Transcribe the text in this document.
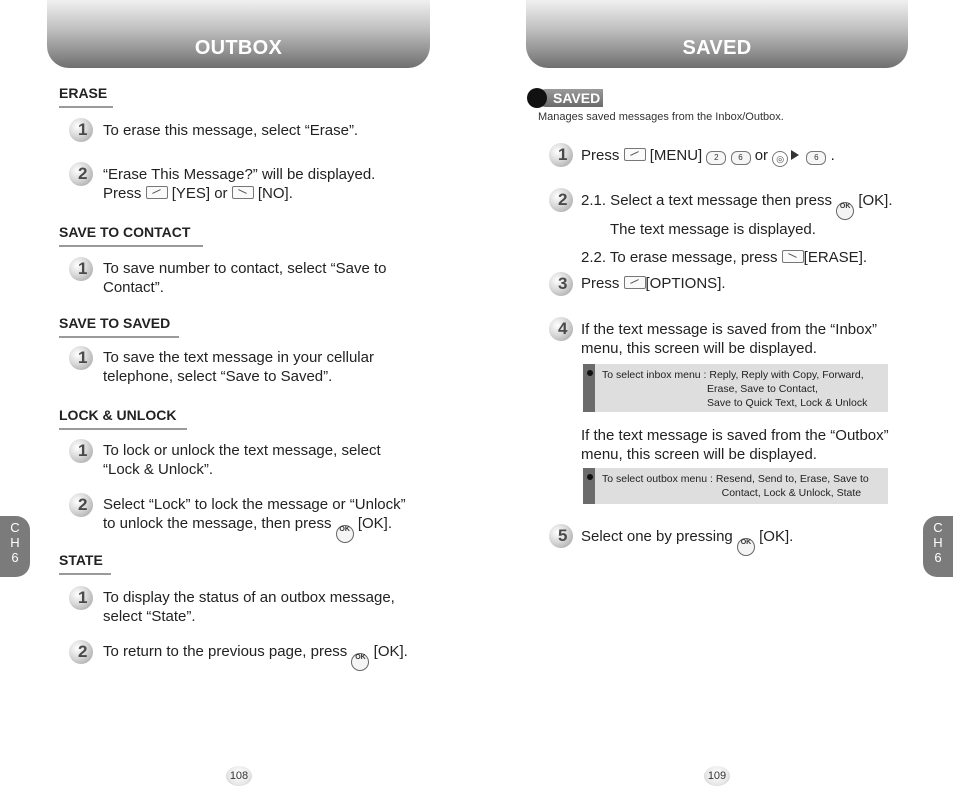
OUTBOX
ERASE
1 To erase this message, select “Erase”.
2 “Erase This Message?” will be displayed.
Press [YES] or [NO].
SAVE TO CONTACT
1 To save number to contact, select “Save to
Contact”.
SAVE TO SAVED
1 To save the text message in your cellular
telephone, select “Save to Saved”.
LOCK & UNLOCK
1 To lock or unlock the text message, select
“Lock & Unlock”.
2 Select “Lock” to lock the message or “Unlock”
to unlock the message, then press OK [OK].
STATE
1 To display the status of an outbox message,
select “State”.
2 To return to the previous page, press OK [OK].
108
SAVED
SAVED
Manages saved messages from the Inbox/Outbox.
1 Press [MENU] 2 6 or ◎	6 .
2 2.1. Select a text message then press OK [OK].
The text message is displayed.
2.2. To erase message, press [ERASE].
3 Press [OPTIONS].
4 If the text message is saved from the “Inbox”
menu, this screen will be displayed.
To select inbox menu : Reply, Reply with Copy, Forward,
Erase, Save to Contact,
Save to Quick Text, Lock & Unlock
If the text message is saved from the “Outbox”
menu, this screen will be displayed.
To select outbox menu : Resend, Send to, Erase, Save to
Contact, Lock & Unlock, State
5 Select one by pressing OK [OK].
109
C
H
6
C
H
6
